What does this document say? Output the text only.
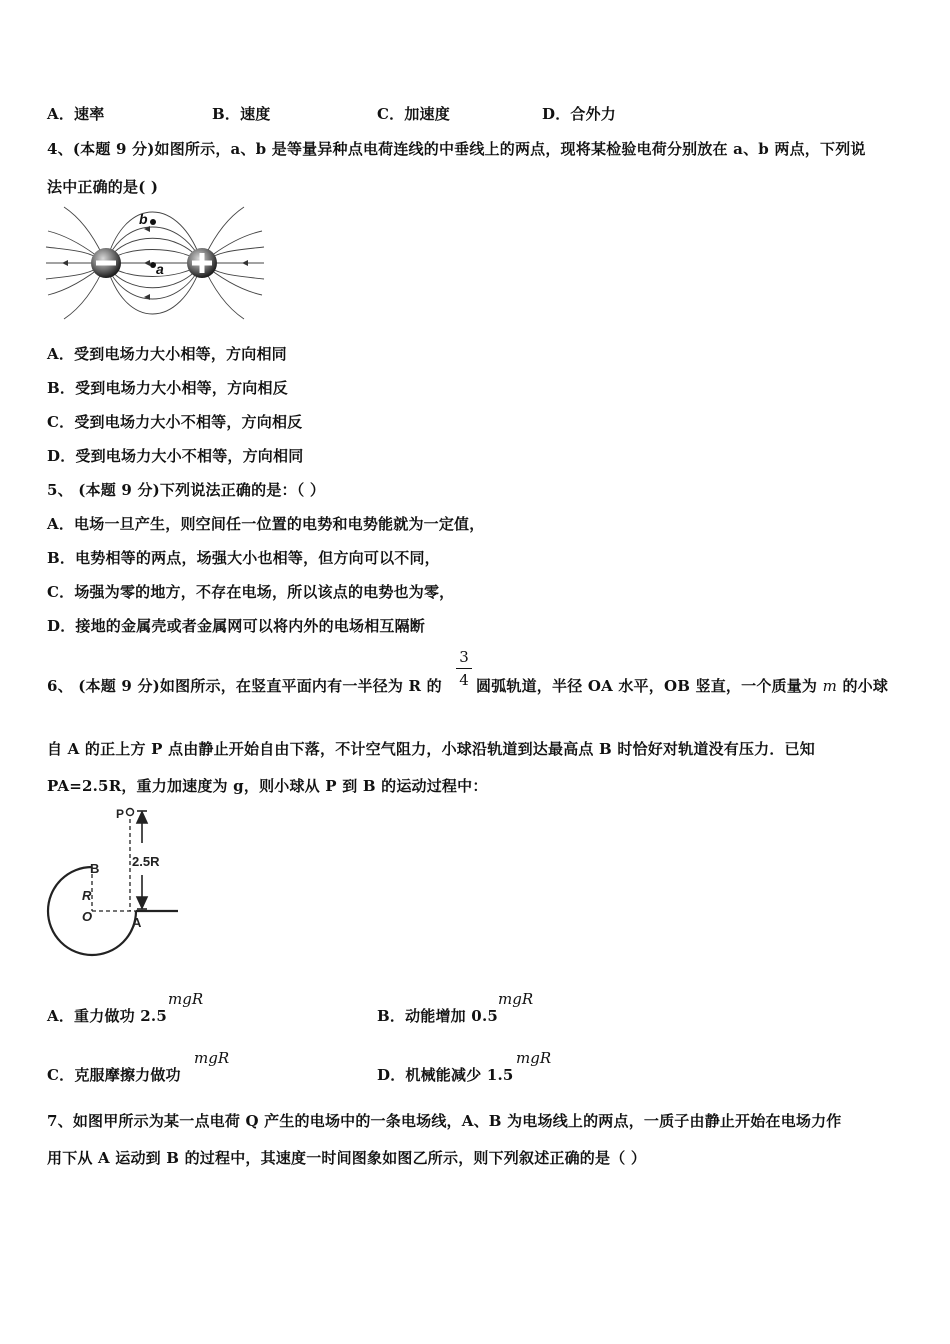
A．速率	B．速度	C．加速度	D．合外力
4、(本题 9 分)如图所示，a、b 是等量异种点电荷连线的中垂线上的两点，现将某检验电荷分别放在 a、b 两点，下列说
法中正确的是( )
b
a
A．受到电场力大小相等，方向相同
B．受到电场力大小相等，方向相反
C．受到电场力大小不相等，方向相反
D．受到电场力大小不相等，方向相同
5、 (本题 9 分)下列说法正确的是：（ ）
A．电场一旦产生，则空间任一位置的电势和电势能就为一定值，
B．电势相等的两点，场强大小也相等，但方向可以不同，
C．场强为零的地方，不存在电场，所以该点的电势也为零，
D．接地的金属壳或者金属网可以将内外的电场相互隔断
6、 (本题 9 分)如图所示，在竖直平面内有一半径为 R 的
3
4 圆弧轨道，半径 OA 水平，OB 竖直，一个质量为 m 的小球
自 A 的正上方 P 点由静止开始自由下落，不计空气阻力，小球沿轨道到达最高点 B 时恰好对轨道没有压力．已知
PA=2.5R，重力加速度为 g，则小球从 P 到 B 的运动过程中：
P
2.5R
B
R
O	A
A．重力做功 2.5
mgR
B．动能增加 0.5
mgR
C．克服摩擦力做功
mgR
D．机械能减少 1.5
mgR
7、如图甲所示为某一点电荷 Q 产生的电场中的一条电场线，A、B 为电场线上的两点，一质子由静止开始在电场力作
用下从 A 运动到 B 的过程中，其速度一时间图象如图乙所示，则下列叙述正确的是（ ）
